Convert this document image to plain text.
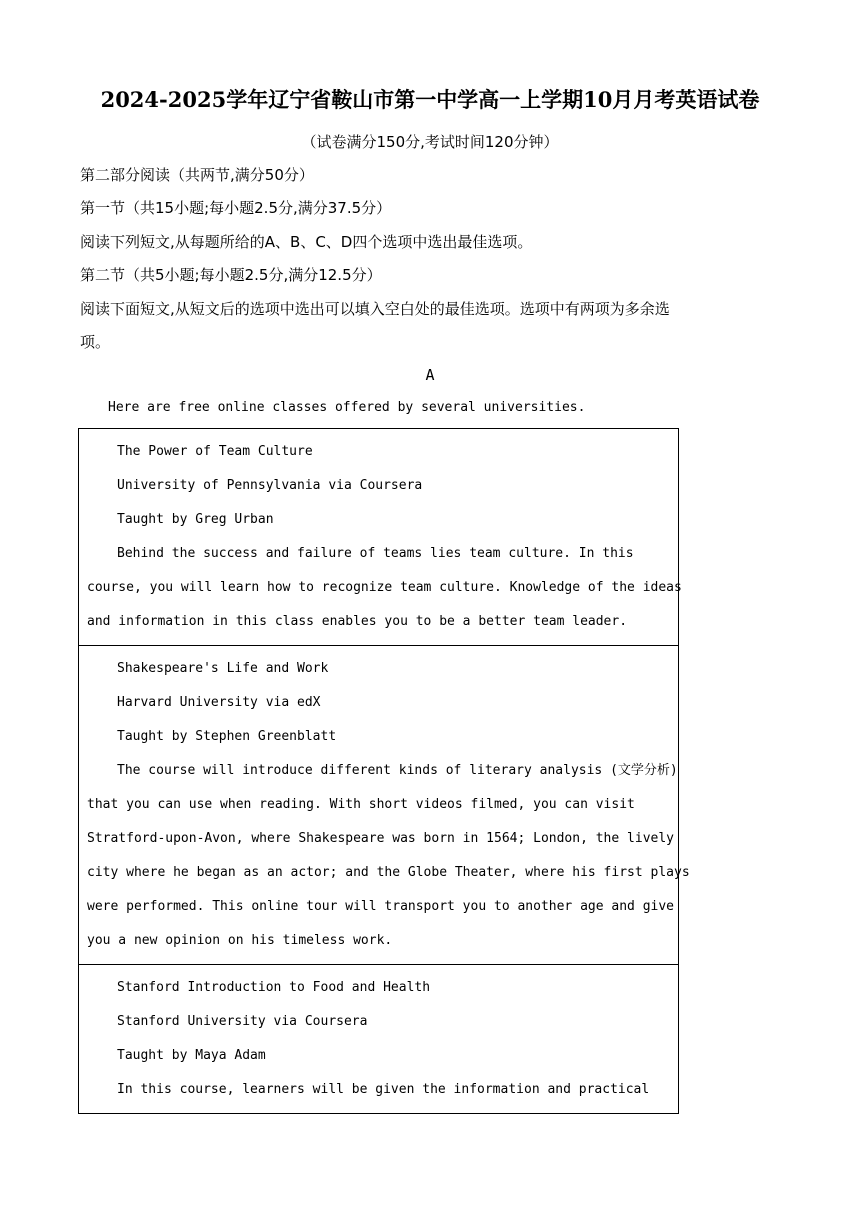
2024-2025学年辽宁省鞍山市第一中学高一上学期10月月考英语试卷
（试卷满分150分,考试时间120分钟）
第二部分阅读（共两节,满分50分）
第一节（共15小题;每小题2.5分,满分37.5分）
阅读下列短文,从每题所给的A、B、C、D四个选项中选出最佳选项。
第二节（共5小题;每小题2.5分,满分12.5分）
阅读下面短文,从短文后的选项中选出可以填入空白处的最佳选项。选项中有两项为多余选
项。
A
Here are free online classes offered by several universities.
The Power of Team Culture
University of Pennsylvania via Coursera
Taught by Greg Urban
Behind the success and failure of teams lies team culture. In this
course, you will learn how to recognize team culture. Knowledge of the ideas
and information in this class enables you to be a better team leader.
Shakespeare's Life and Work
Harvard University via edX
Taught by Stephen Greenblatt
The course will introduce different kinds of literary analysis (文学分析)
that you can use when reading. With short videos filmed, you can visit
Stratford-upon-Avon, where Shakespeare was born in 1564; London, the lively
city where he began as an actor; and the Globe Theater, where his first plays
were performed. This online tour will transport you to another age and give
you a new opinion on his timeless work.
Stanford Introduction to Food and Health
Stanford University via Coursera
Taught by Maya Adam
In this course, learners will be given the information and practical
